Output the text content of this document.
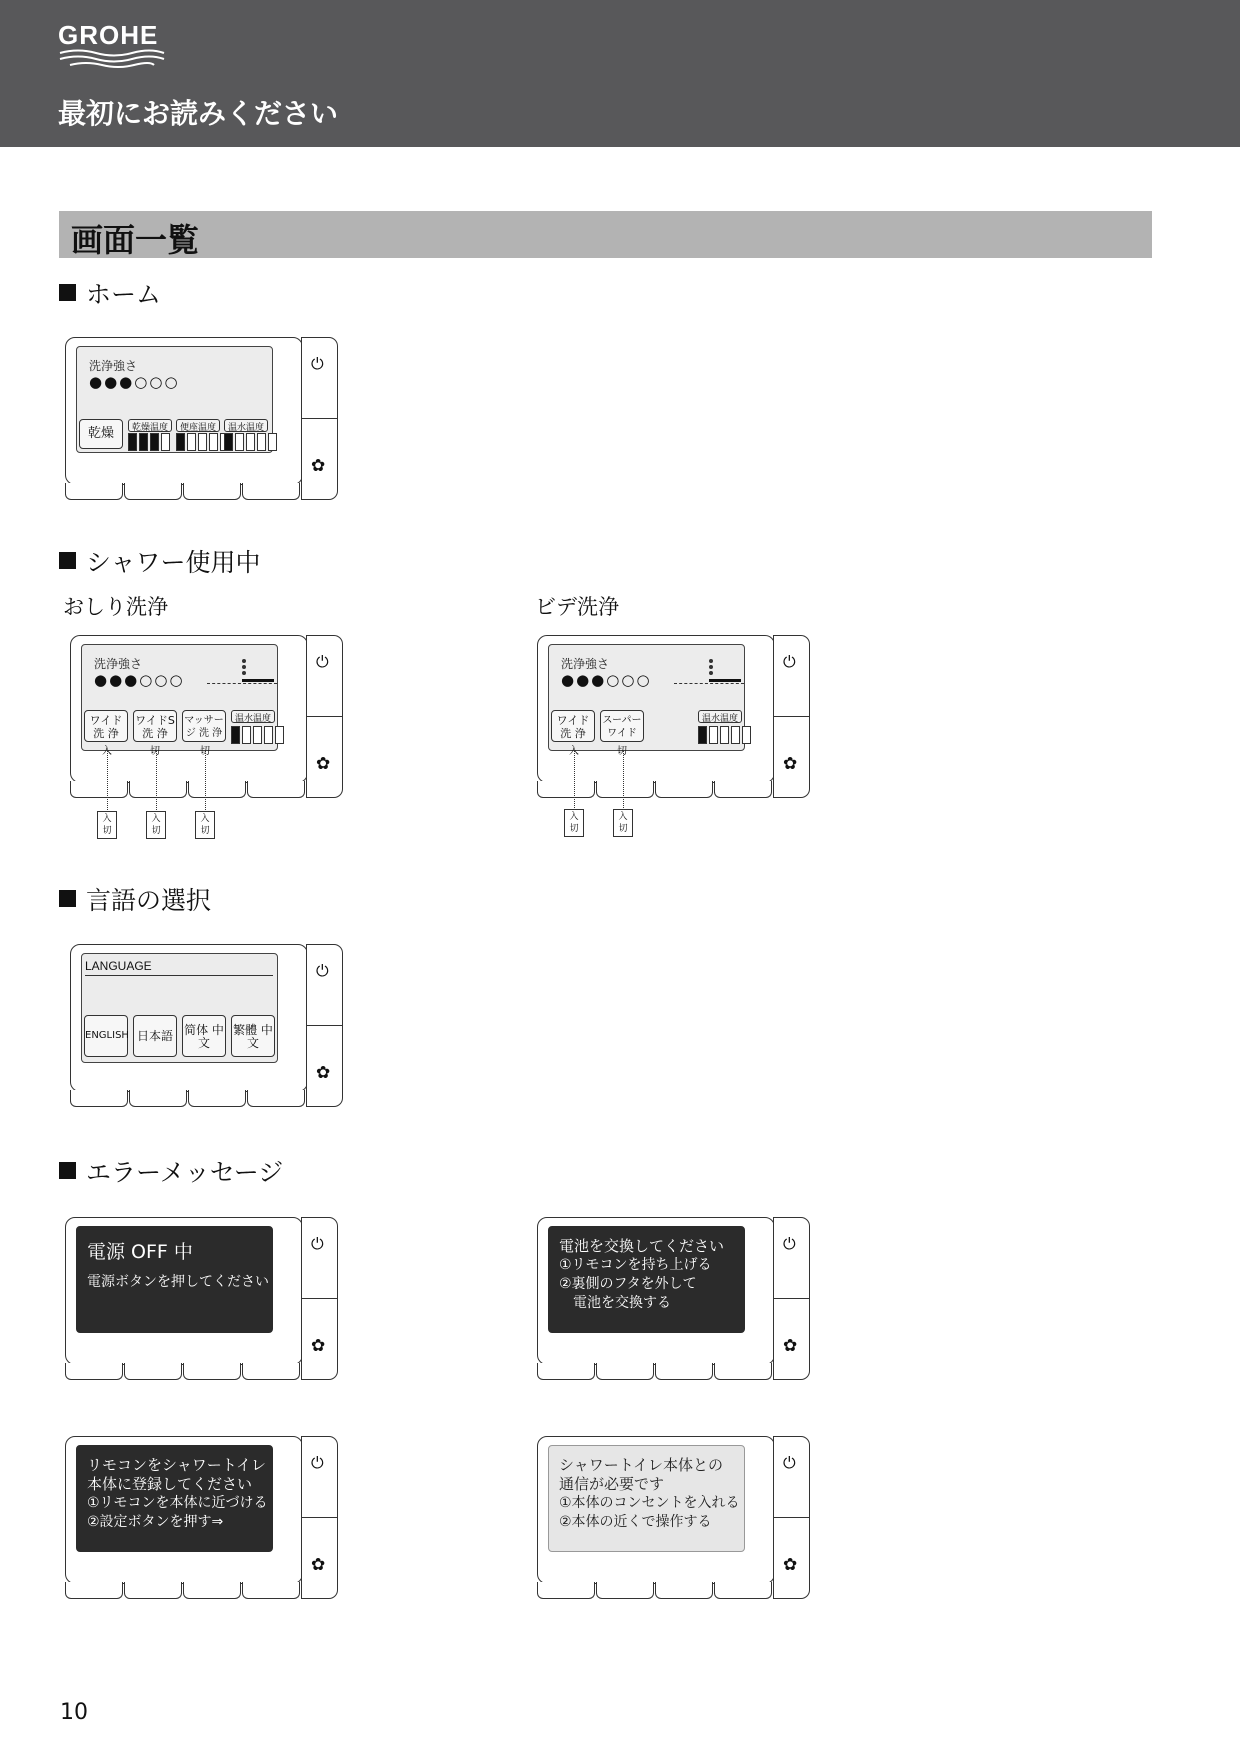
GROHE
最初にお読みください
画面一覧
ホーム
洗浄強さ
●●●○○○
乾燥	乾燥温度	便座温度	温水温度
⏻
✿
シャワー使用中
おしり洗浄	ビデ洗浄
洗浄強さ
●●●○○○
ワイド 洗 浄
ワイドS 洗 浄
マッサージ 洗 浄
温水温度
入	切	切
⏻
✿
入
切
入
切
入
切
洗浄強さ
●●●○○○
ワイド 洗 浄
スーパー ワイド
温水温度
入	切
⏻
✿
入
切
入
切
言語の選択
LANGUAGE
ENGLISH 日本語 简体 中文
繁體 中文
⏻
✿
エラーメッセージ
電源 OFF 中
電源ボタンを押してください
⏻
✿
電池を交換してください
①リモコンを持ち上げる
②裏側のフタを外して
　電池を交換する
⏻
✿
リモコンをシャワートイレ
本体に登録してください
①リモコンを本体に近づける
②設定ボタンを押す⇒
⏻
✿
シャワートイレ本体との
通信が必要です
①本体のコンセントを入れる
②本体の近くで操作する
⏻
✿
10
